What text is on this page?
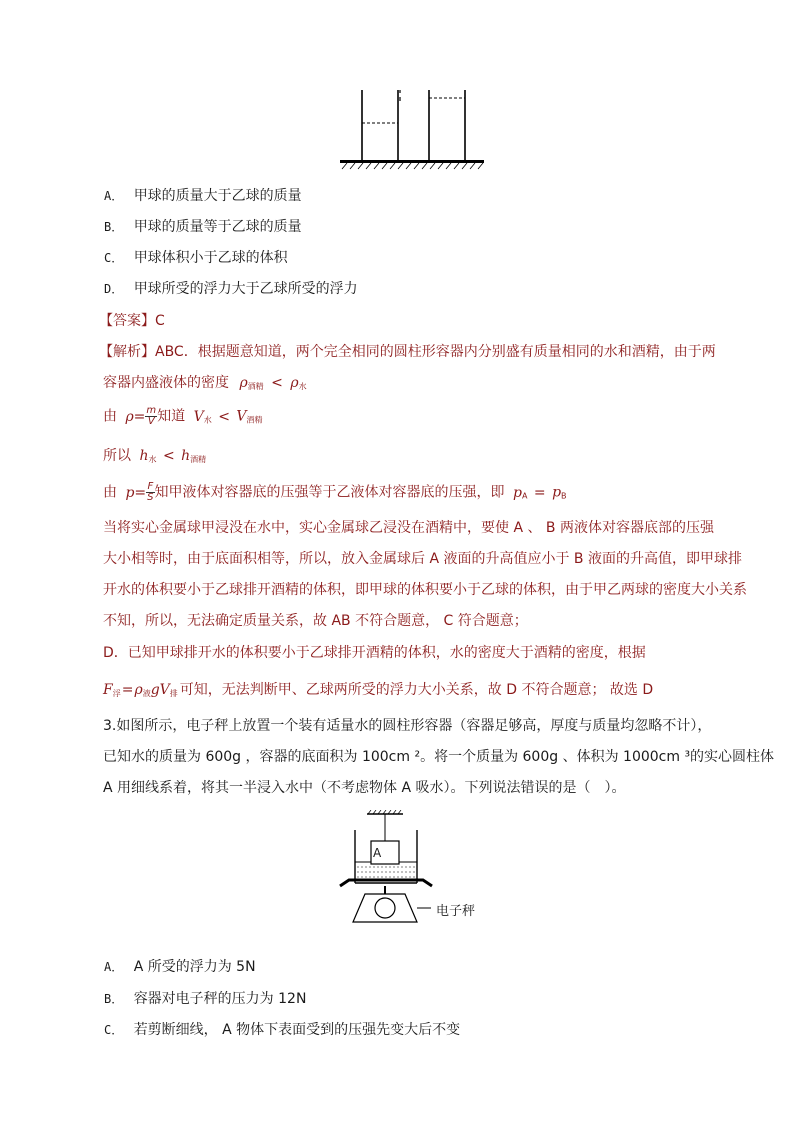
A． 甲球的质量大于乙球的质量
B． 甲球的质量等于乙球的质量
C． 甲球体积小于乙球的体积
D． 甲球所受的浮力大于乙球所受的浮力
【答案】C
【解析】ABC．根据题意知道，两个完全相同的圆柱形容器内分别盛有质量相同的水和酒精，由于两
容器内盛液体的密度 $\rho_{酒精} < \rho_水$
由 $\rho= \frac{m}{V}$ 知道 $V_水 < V_{酒精}$
所以 $h_水 < h_{酒精}$
由 $p= \frac{F}{S}$ 知甲液体对容器底的压强等于乙液体对容器底的压强，即 $p_A = p_B$
当将实心金属球甲浸没在水中，实心金属球乙浸没在酒精中，要使 A 、 B 两液体对容器底部的压强
大小相等时，由于底面积相等，所以，放入金属球后 A 液面的升高值应小于 B 液面的升高值，即甲球排
开水的体积要小于乙球排开酒精的体积，即甲球的体积要小于乙球的体积，由于甲乙两球的密度大小关系
不知，所以，无法确定质量关系，故 AB 不符合题意， C 符合题意；
D．已知甲球排开水的体积要小于乙球排开酒精的体积，水的密度大于酒精的密度，根据
$F_浮=\rho_液gV_排$ 可知，无法判断甲、乙球两所受的浮力大小关系，故 D 不符合题意； 故选 D
3.如图所示，电子秤上放置一个装有适量水的圆柱形容器（容器足够高，厚度与质量均忽略不计），
已知水的质量为 600g ，容器的底面积为 100cm ²。将一个质量为 600g 、体积为 1000cm ³的实心圆柱体
A 用细线系着，将其一半浸入水中（不考虑物体 A 吸水）。下列说法错误的是（　）。
A
电子秤
A． A 所受的浮力为 5N
B． 容器对电子秤的压力为 12N
C． 若剪断细线， A 物体下表面受到的压强先变大后不变
